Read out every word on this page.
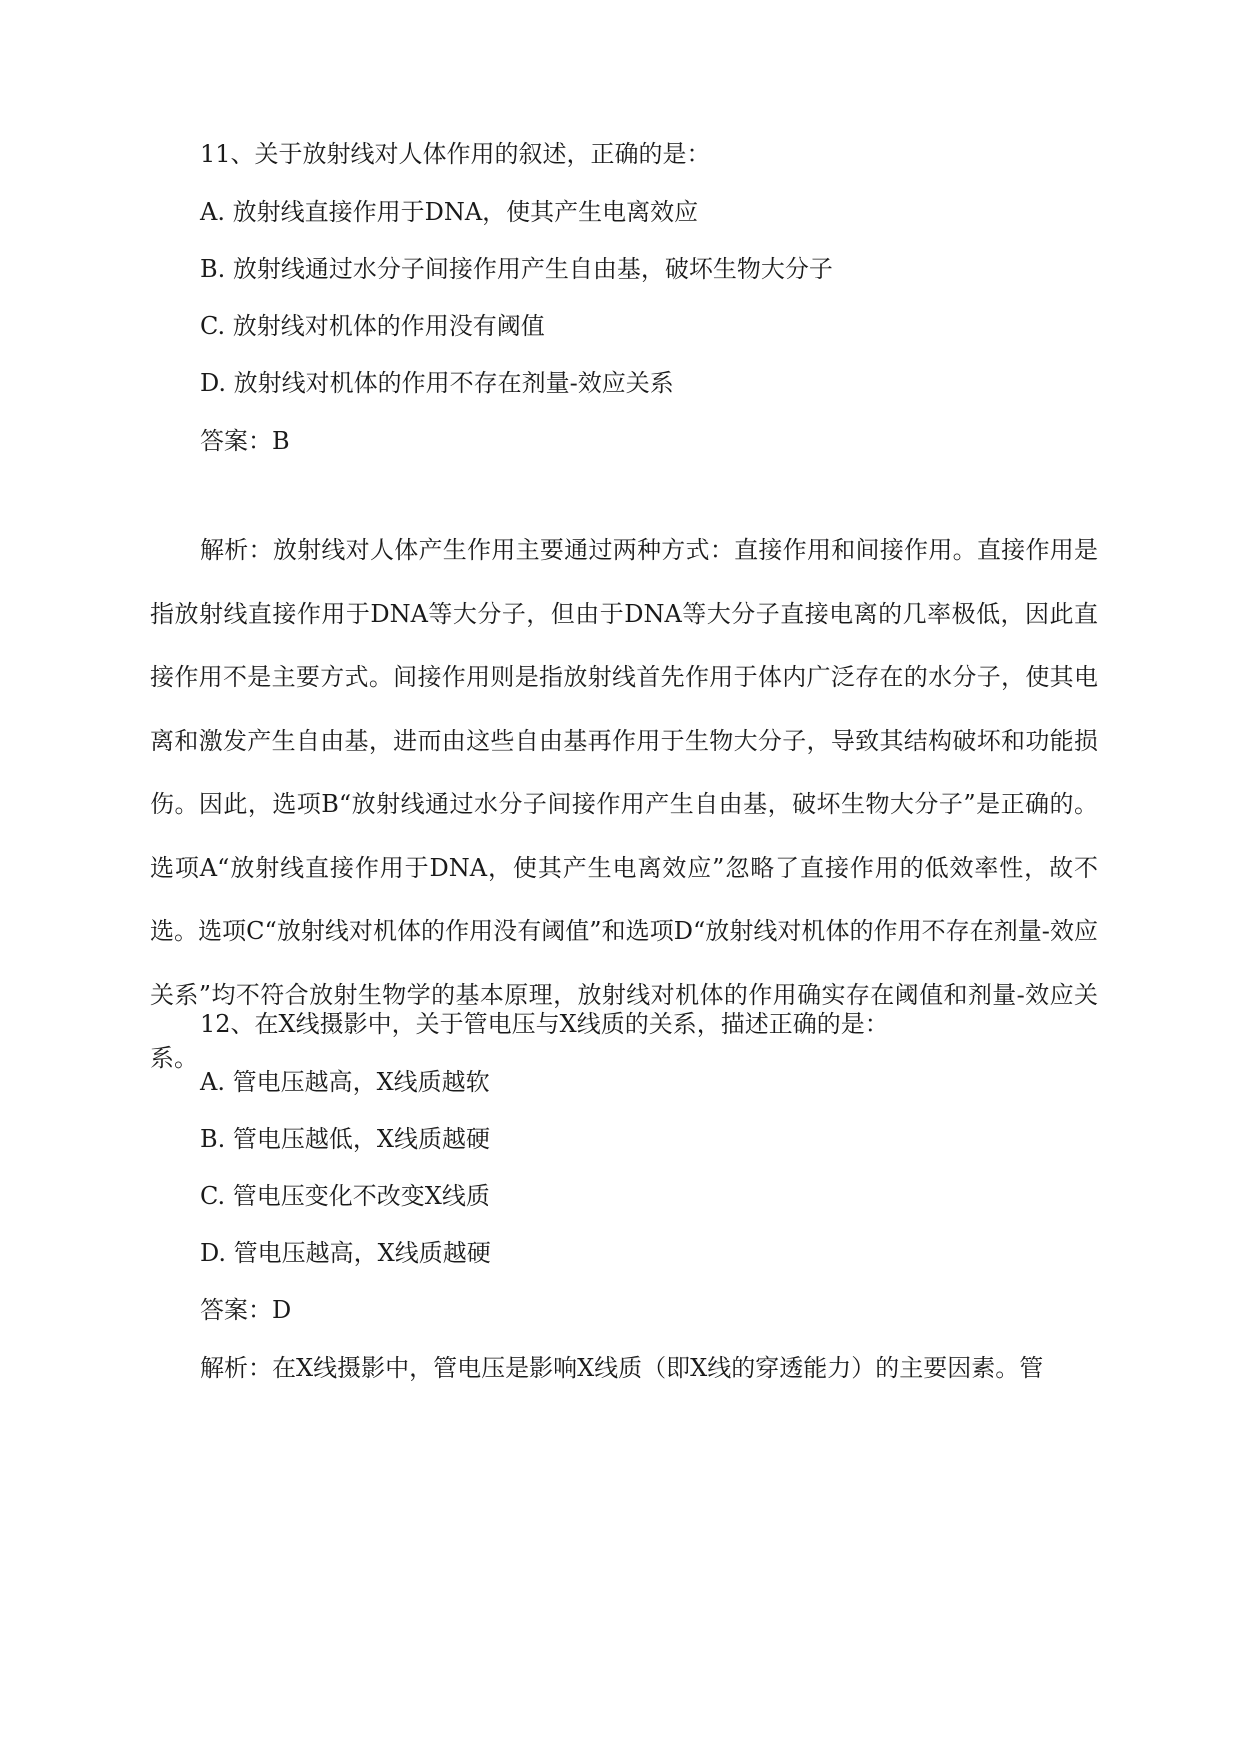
11、关于放射线对人体作用的叙述，正确的是：
A. 放射线直接作用于DNA，使其产生电离效应
B. 放射线通过水分子间接作用产生自由基，破坏生物大分子
C. 放射线对机体的作用没有阈值
D. 放射线对机体的作用不存在剂量-效应关系
答案：B
解析：放射线对人体产生作用主要通过两种方式：直接作用和间接作用。直接作用是指放射线直接作用于DNA等大分子，但由于DNA等大分子直接电离的几率极低，因此直接作用不是主要方式。间接作用则是指放射线首先作用于体内广泛存在的水分子，使其电离和激发产生自由基，进而由这些自由基再作用于生物大分子，导致其结构破坏和功能损伤。因此，选项B“放射线通过水分子间接作用产生自由基，破坏生物大分子”是正确的。选项A“放射线直接作用于DNA，使其产生电离效应”忽略了直接作用的低效率性，故不选。选项C“放射线对机体的作用没有阈值”和选项D“放射线对机体的作用不存在剂量-效应关系”均不符合放射生物学的基本原理，放射线对机体的作用确实存在阈值和剂量-效应关系。
12、在X线摄影中，关于管电压与X线质的关系，描述正确的是：
A. 管电压越高，X线质越软
B. 管电压越低，X线质越硬
C. 管电压变化不改变X线质
D. 管电压越高，X线质越硬
答案：D
解析：在X线摄影中，管电压是影响X线质（即X线的穿透能力）的主要因素。管
